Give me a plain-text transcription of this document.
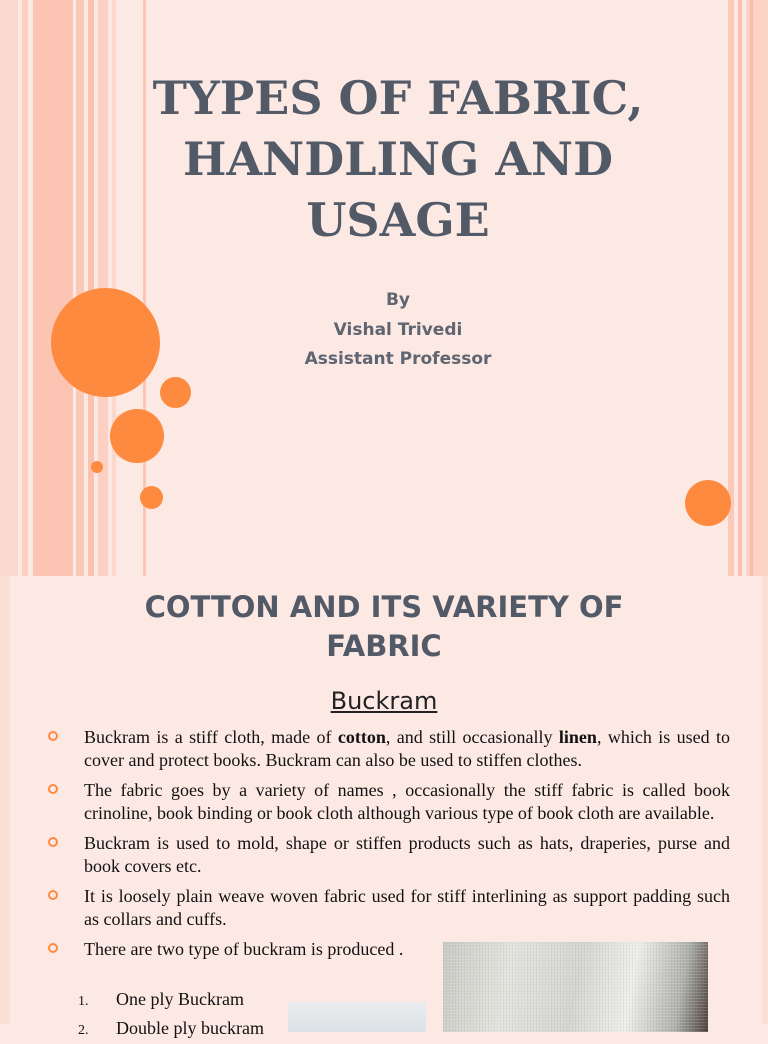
TYPES OF FABRIC,
HANDLING AND
USAGE
By
Vishal Trivedi
Assistant Professor
COTTON AND ITS VARIETY OF
FABRIC
Buckram
Buckram is a stiff cloth, made of cotton, and still occasionally linen, which is used to cover and protect books. Buckram can also be used to stiffen clothes.
The fabric goes by a variety of names , occasionally the stiff fabric is called book crinoline, book binding or book cloth although various type of book cloth are available.
Buckram is used to mold, shape or stiffen products such as hats, draperies, purse and book covers etc.
It is loosely plain weave woven fabric used for stiff interlining as support padding such as collars and cuffs.
There are two type of buckram is produced .
1. One ply Buckram
2. Double ply buckram
